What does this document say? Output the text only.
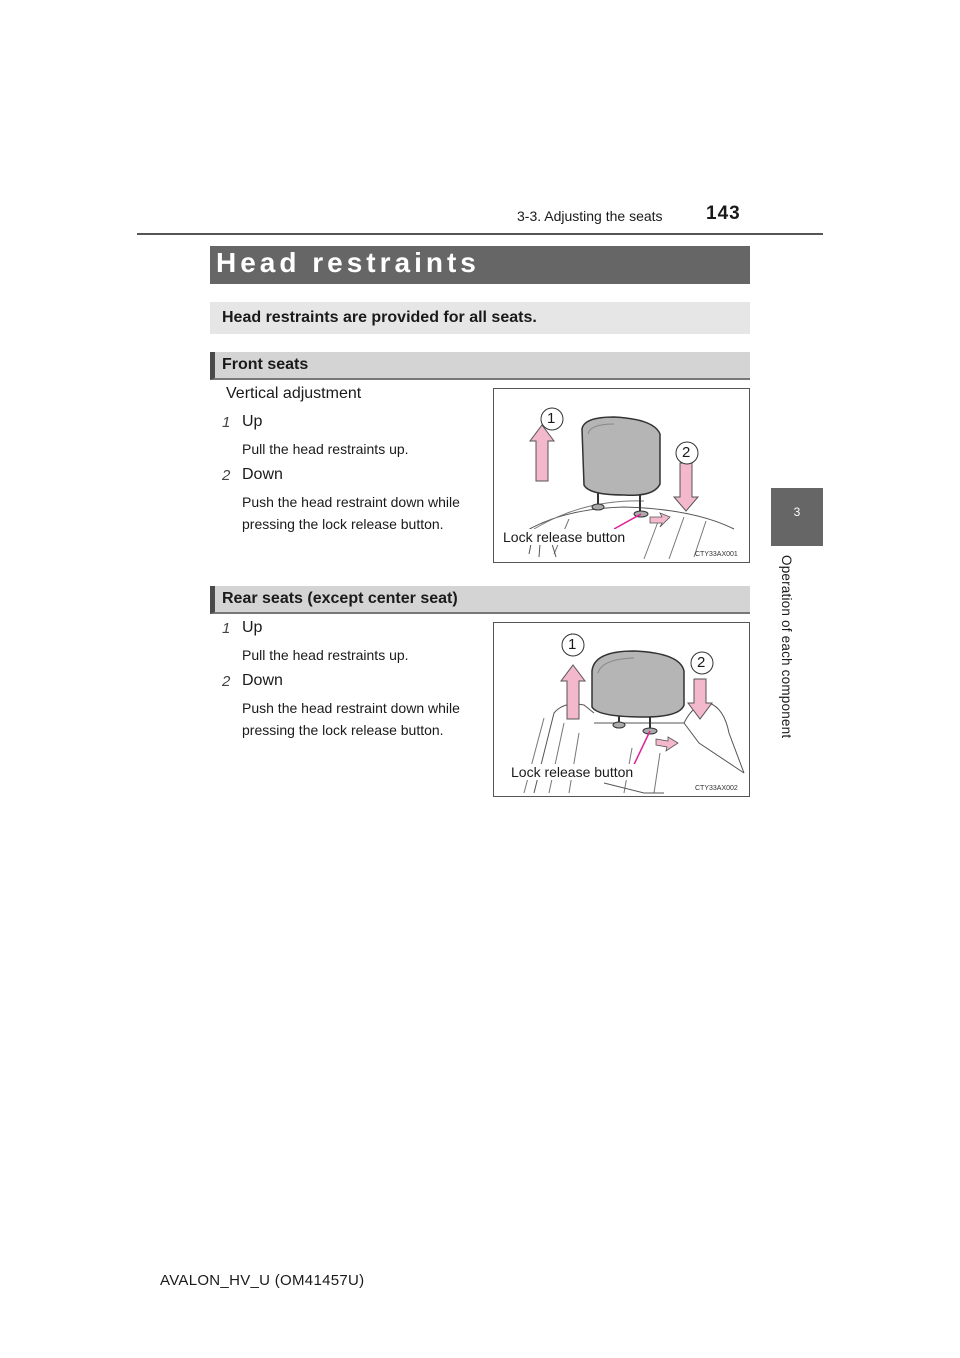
3-3. Adjusting the seats 143
3
Operation of each component
Head restraints
Head restraints are provided for all seats.
Front seats
Vertical adjustment
1 Up
Pull the head restraints up.
2 Down
Push the head restraint down while pressing the lock release button.
1
2
Lock release button
CTY33AX001
Rear seats (except center seat)
1 Up
Pull the head restraints up.
2 Down
Push the head restraint down while pressing the lock release button.
1
2
Lock release button
CTY33AX002
AVALON_HV_U (OM41457U)
